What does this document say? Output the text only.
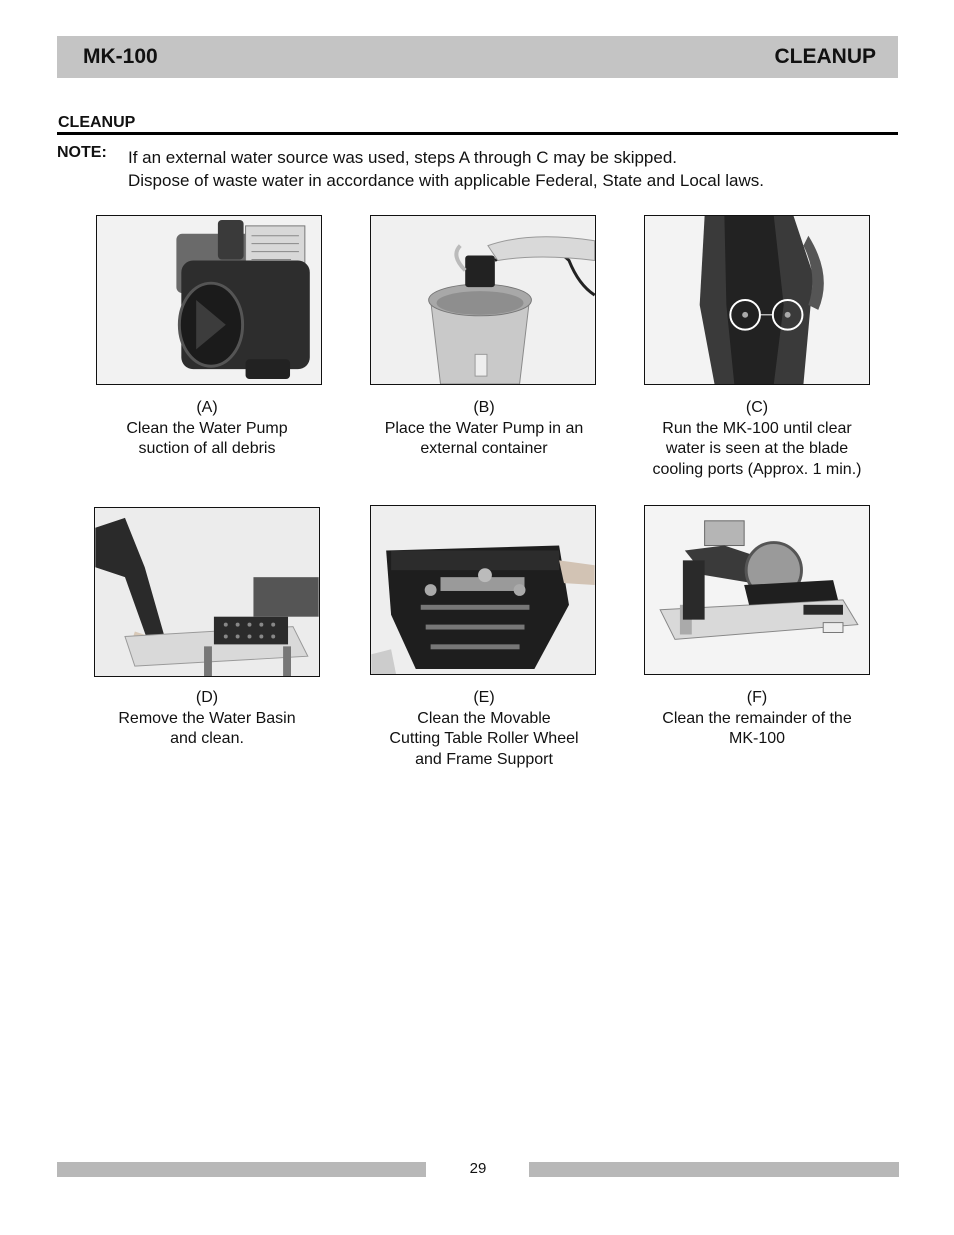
MK-100	CLEANUP
CLEANUP
NOTE: If an external water source was used, steps A through C may be skipped.
Dispose of waste water in accordance with applicable Federal, State and Local laws.
(A)
Clean the Water Pump
suction of all debris
(B)
Place the Water Pump in an
external container
(C)
Run the MK-100 until clear
water is seen at the blade
cooling ports (Approx. 1 min.)
(D)
Remove the Water Basin
and clean.
(E)
Clean the Movable
Cutting Table Roller Wheel
and Frame Support
(F)
Clean the remainder of the
MK-100
29
